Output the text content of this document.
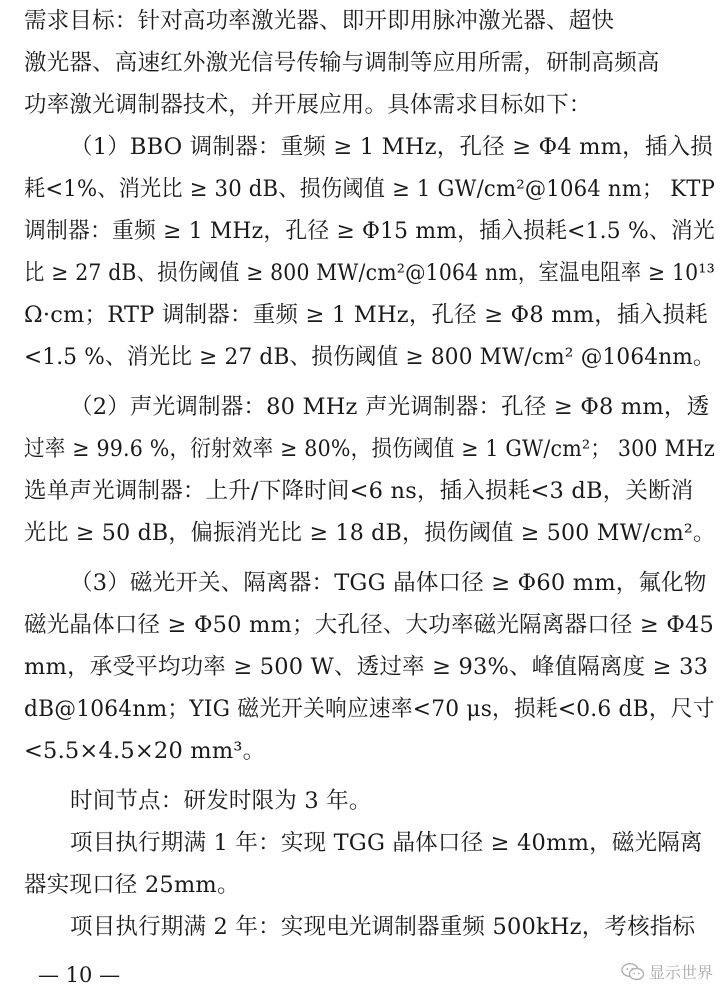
需求目标：针对高功率激光器、即开即用脉冲激光器、超快
激光器、高速红外激光信号传输与调制等应用所需，研制高频高
功率激光调制器技术，并开展应用。具体需求目标如下：
（1）BBO 调制器：重频 ≥ 1 MHz，孔径 ≥ Φ4 mm，插入损
耗<1%、消光比 ≥ 30 dB、损伤阈值 ≥ 1 GW/cm²@1064 nm； KTP
调制器：重频 ≥ 1 MHz，孔径 ≥ Φ15 mm，插入损耗<1.5 %、消光
比 ≥ 27 dB、损伤阈值 ≥ 800 MW/cm²@1064 nm，室温电阻率 ≥ 10¹³
Ω·cm；RTP 调制器：重频 ≥ 1 MHz，孔径 ≥ Φ8 mm，插入损耗
<1.5 %、消光比 ≥ 27 dB、损伤阈值 ≥ 800 MW/cm² @1064nm。
（2）声光调制器：80 MHz 声光调制器：孔径 ≥ Φ8 mm，透
过率 ≥ 99.6 %，衍射效率 ≥ 80%，损伤阈值 ≥ 1 GW/cm²； 300 MHz
选单声光调制器：上升/下降时间<6 ns，插入损耗<3 dB，关断消
光比 ≥ 50 dB，偏振消光比 ≥ 18 dB，损伤阈值 ≥ 500 MW/cm²。
（3）磁光开关、隔离器：TGG 晶体口径 ≥ Φ60 mm，氟化物
磁光晶体口径 ≥ Φ50 mm；大孔径、大功率磁光隔离器口径 ≥ Φ45
mm，承受平均功率 ≥ 500 W、透过率 ≥ 93%、峰值隔离度 ≥ 33
dB@1064nm；YIG 磁光开关响应速率<70 μs，损耗<0.6 dB，尺寸
<5.5×4.5×20 mm³。
时间节点：研发时限为 3 年。
项目执行期满 1 年：实现 TGG 晶体口径 ≥ 40mm，磁光隔离
器实现口径 25mm。
项目执行期满 2 年：实现电光调制器重频 500kHz，考核指标
— 10 —	显示世界
